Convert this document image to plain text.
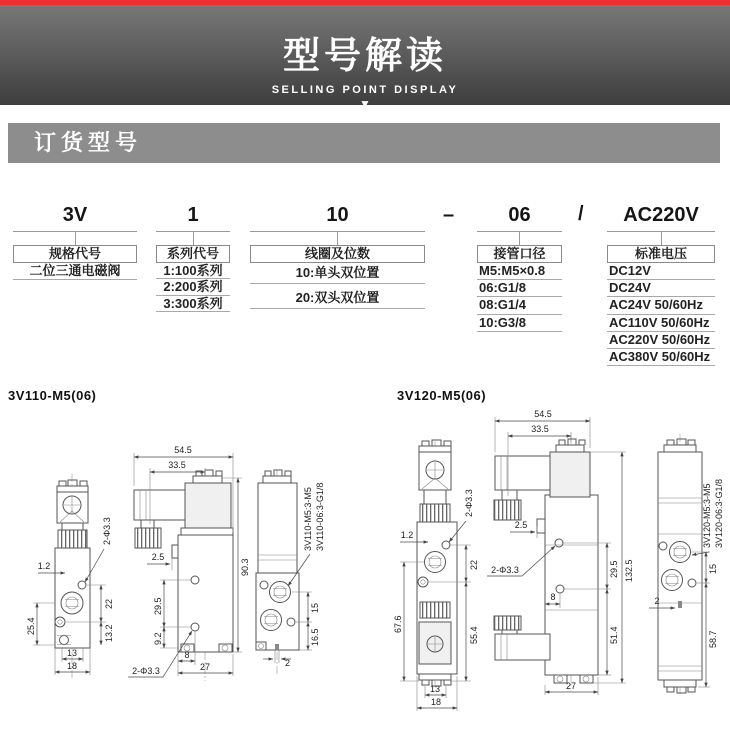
型号解读
SELLING POINT DISPLAY
▼
订货型号
3V
规格代号
二位三通电磁阀
1
系列代号
1:100系列
2:200系列
3:300系列
10
线圈及位数
10:单头双位置
20:双头双位置
06
接管口径
M5:M5×0.8
06:G1/8
08:G1/4
10:G3/8
AC220V
标准电压
DC12V
DC24V
AC24V 50/60Hz
AC110V 50/60Hz
AC220V 50/60Hz
AC380V 50/60Hz
–	/
3V110-M5(06)	3V120-M5(06)
1.2
2-Φ3.3
25.4
22
13.2
13
18
54.5
33.5
2.5
29.5
9.2
8
27
2-Φ3.3
90.3
15
16.5
2
3V110-M5:3-M5 3V110-06:3-G1/8	1.2
2-Φ3.3
22
67.6
55.4
13
18
54.5
33.5
2.5
2-Φ3.3
8
27
29.5
51.4
132.5
2
15
58.7
3V120-M5:3-M5 3V120-06:3-G1/8
